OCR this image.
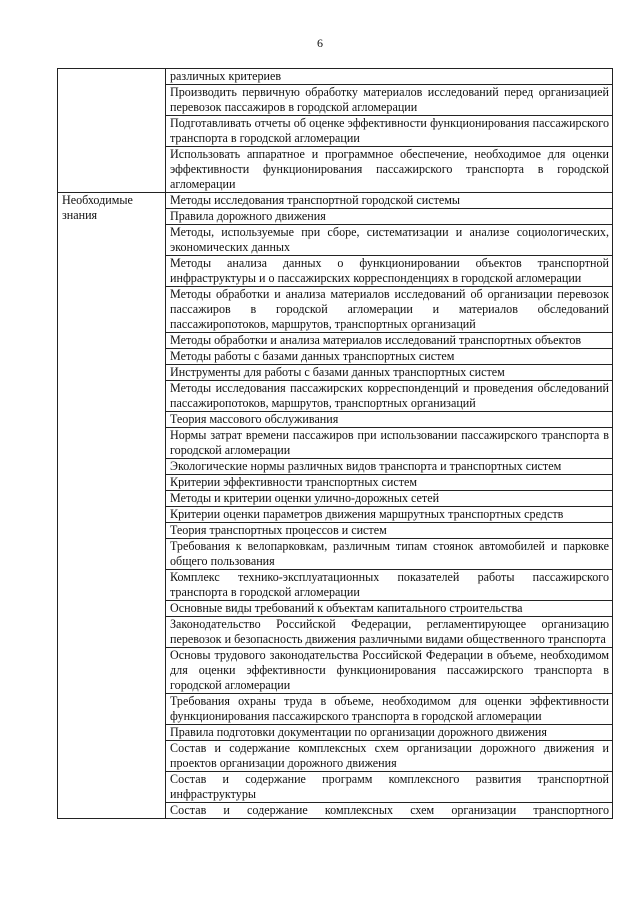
6
	различных критериев
	Производить первичную обработку материалов исследований перед организацией перевозок пассажиров в городской агломерации
	Подготавливать отчеты об оценке эффективности функционирования пассажирского транспорта в городской агломерации
	Использовать аппаратное и программное обеспечение, необходимое для оценки эффективности функционирования пассажирского транспорта в городской агломерации
Необходимые знания	Методы исследования транспортной городской системы
	Правила дорожного движения
	Методы, используемые при сборе, систематизации и анализе социологических, экономических данных
	Методы анализа данных о функционировании объектов транспортной инфраструктуры и о пассажирских корреспонденциях в городской агломерации
	Методы обработки и анализа материалов исследований об организации перевозок пассажиров в городской агломерации и материалов обследований пассажиропотоков, маршрутов, транспортных организаций
	Методы обработки и анализа материалов исследований транспортных объектов
	Методы работы с базами данных транспортных систем
	Инструменты для работы с базами данных транспортных систем
	Методы исследования пассажирских корреспонденций и проведения обследований пассажиропотоков, маршрутов, транспортных организаций
	Теория массового обслуживания
	Нормы затрат времени пассажиров при использовании пассажирского транспорта в городской агломерации
	Экологические нормы различных видов транспорта и транспортных систем
	Критерии эффективности транспортных систем
	Методы и критерии оценки улично-дорожных сетей
	Критерии оценки параметров движения маршрутных транспортных средств
	Теория транспортных процессов и систем
	Требования к велопарковкам, различным типам стоянок автомобилей и парковке общего пользования
	Комплекс технико-эксплуатационных показателей работы пассажирского транспорта в городской агломерации
	Основные виды требований к объектам капитального строительства
	Законодательство Российской Федерации, регламентирующее организацию перевозок и безопасность движения различными видами общественного транспорта
	Основы трудового законодательства Российской Федерации в объеме, необходимом для оценки эффективности функционирования пассажирского транспорта в городской агломерации
	Требования охраны труда в объеме, необходимом для оценки эффективности функционирования пассажирского транспорта в городской агломерации
	Правила подготовки документации по организации дорожного движения
	Состав и содержание комплексных схем организации дорожного движения и проектов организации дорожного движения
	Состав и содержание программ комплексного развития транспортной инфраструктуры
	Состав и содержание комплексных схем организации транспортного
